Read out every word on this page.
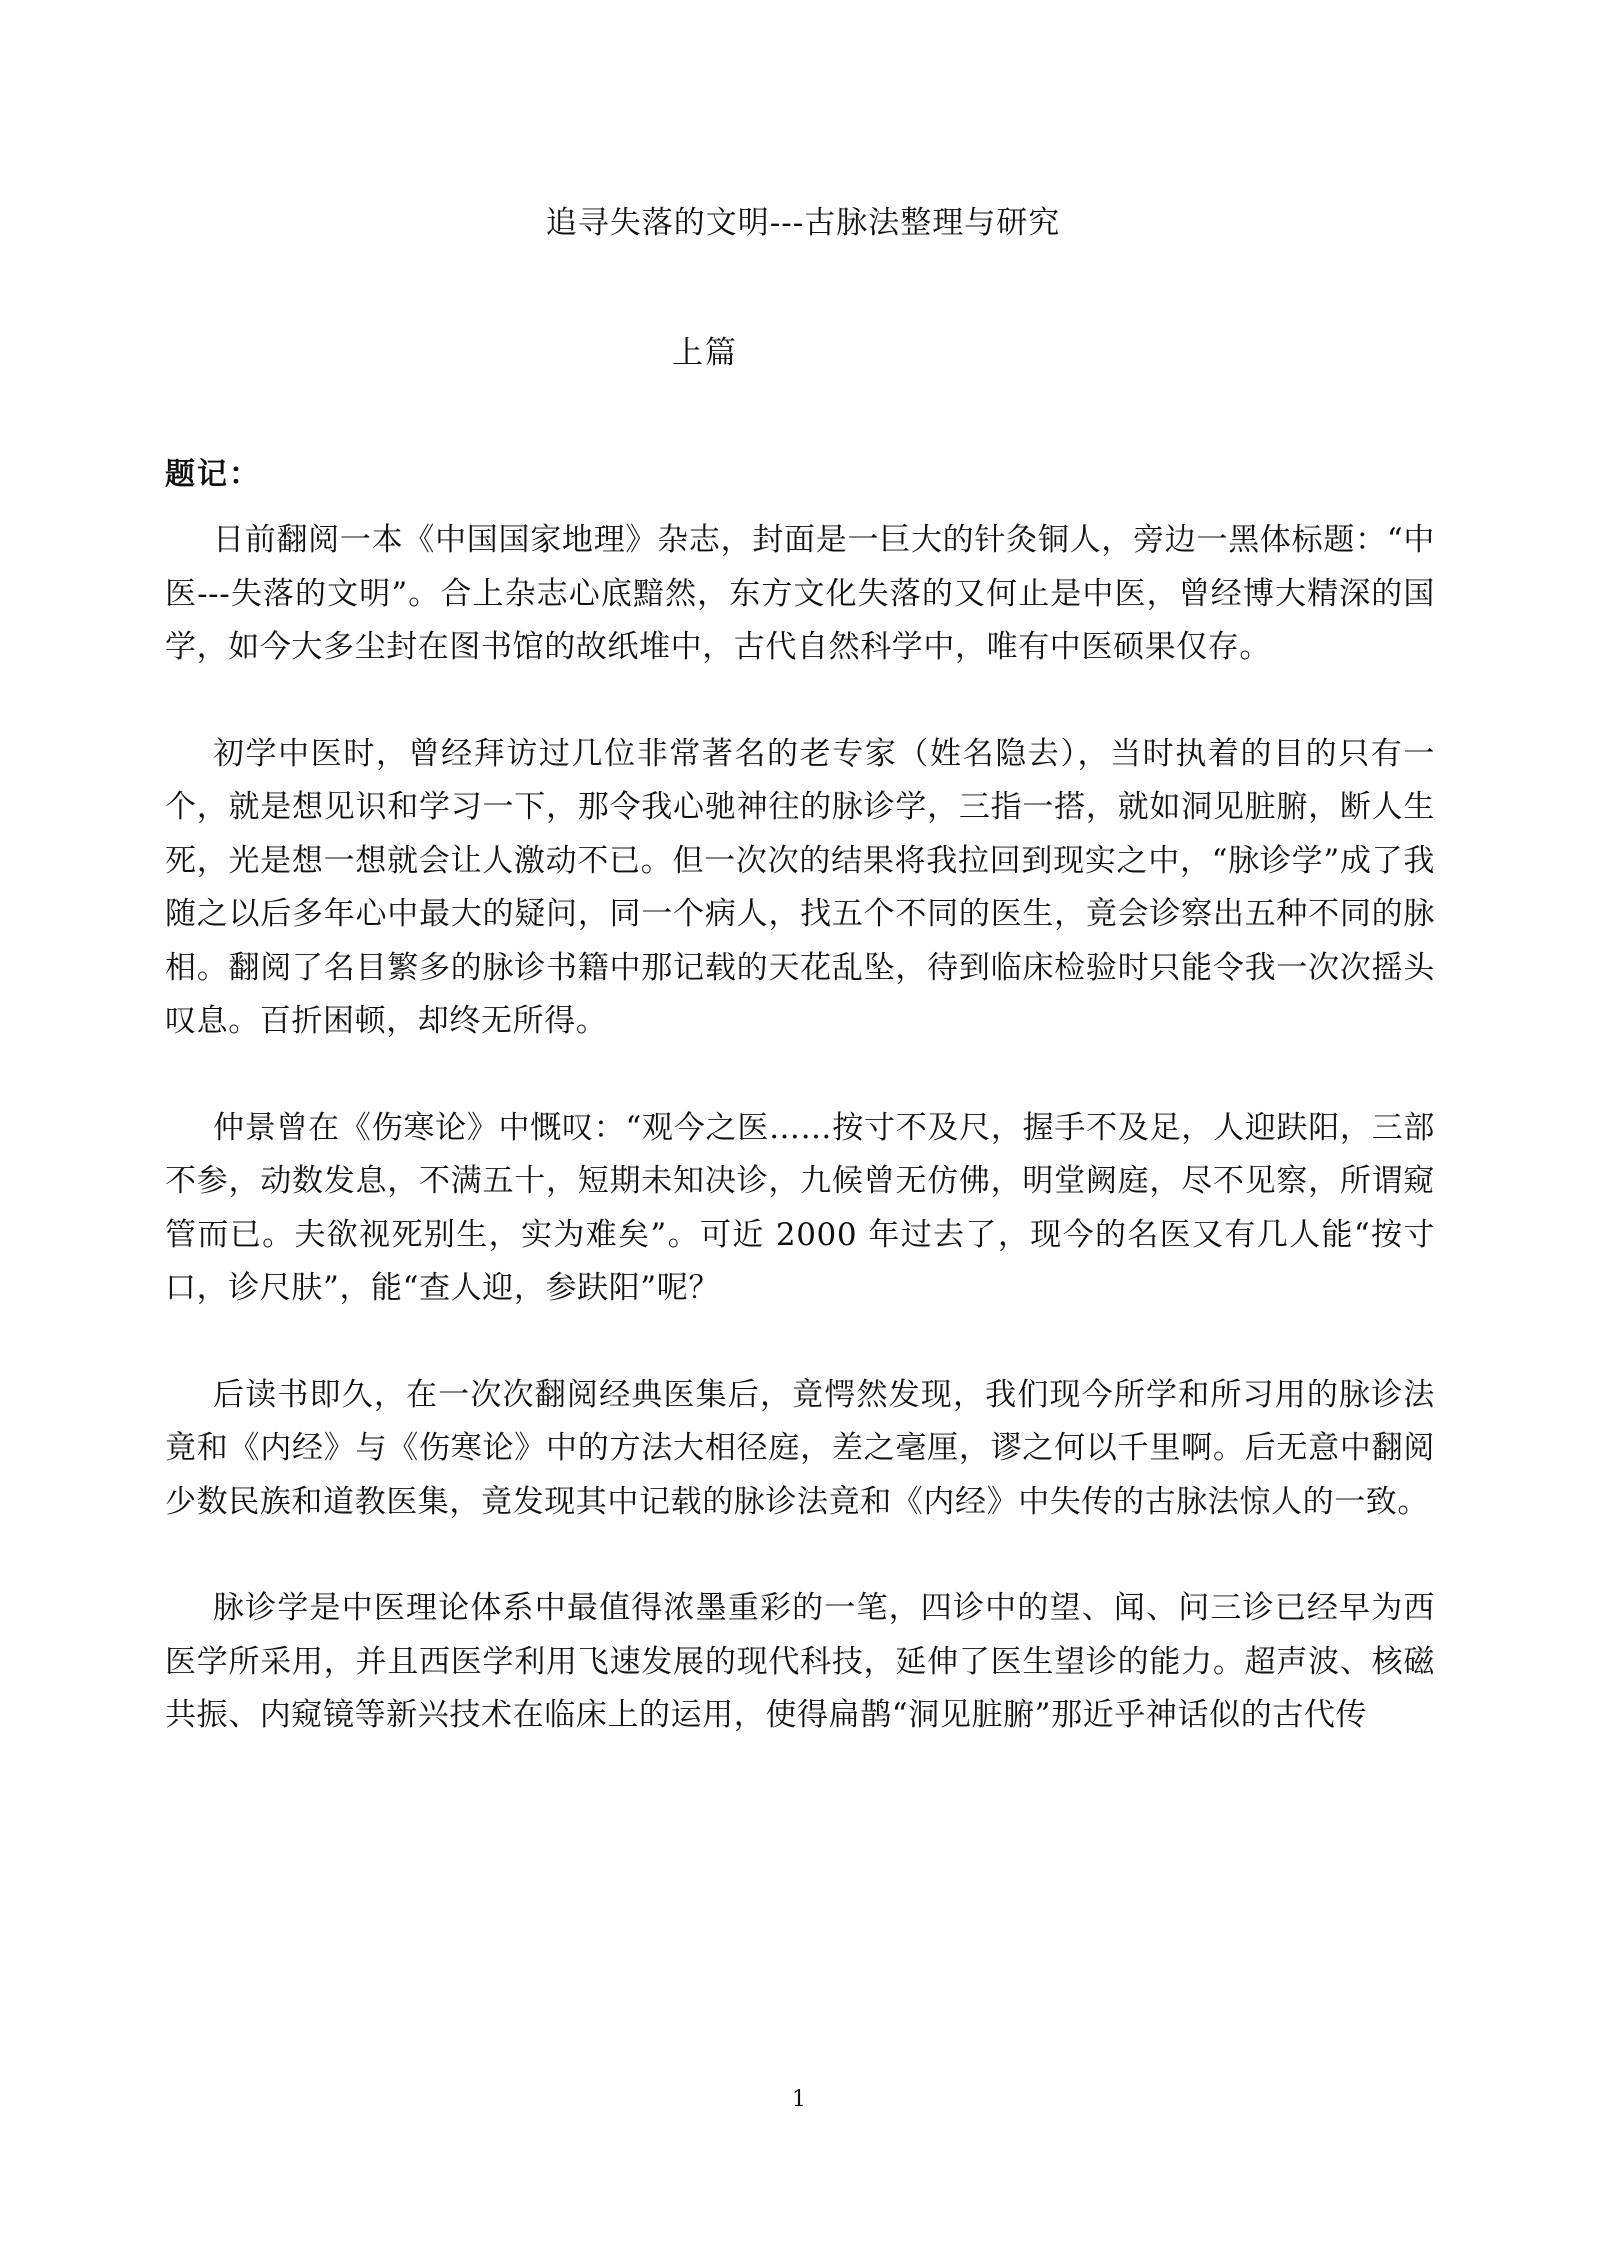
追寻失落的文明---古脉法整理与研究
上篇
题记：

日前翻阅一本《中国国家地理》杂志，封面是一巨大的针灸铜人，旁边一黑体标题：“中医---失落的文明”。合上杂志心底黯然，东方文化失落的又何止是中医，曾经博大精深的国学，如今大多尘封在图书馆的故纸堆中，古代自然科学中，唯有中医硕果仅存。

初学中医时，曾经拜访过几位非常著名的老专家（姓名隐去），当时执着的目的只有一个，就是想见识和学习一下，那令我心驰神往的脉诊学，三指一搭，就如洞见脏腑，断人生死，光是想一想就会让人激动不已。但一次次的结果将我拉回到现实之中，“脉诊学”成了我随之以后多年心中最大的疑问，同一个病人，找五个不同的医生，竟会诊察出五种不同的脉相。翻阅了名目繁多的脉诊书籍中那记载的天花乱坠，待到临床检验时只能令我一次次摇头叹息。百折困顿，却终无所得。

仲景曾在《伤寒论》中慨叹：“观今之医……按寸不及尺，握手不及足，人迎趺阳，三部不参，动数发息，不满五十，短期未知决诊，九候曾无仿佛，明堂阙庭，尽不见察，所谓窥管而已。夫欲视死别生，实为难矣”。可近 2000 年过去了，现今的名医又有几人能“按寸口，诊尺肤”，能“查人迎，参趺阳”呢？

后读书即久，在一次次翻阅经典医集后，竟愕然发现，我们现今所学和所习用的脉诊法竟和《内经》与《伤寒论》中的方法大相径庭，差之毫厘，谬之何以千里啊。后无意中翻阅少数民族和道教医集，竟发现其中记载的脉诊法竟和《内经》中失传的古脉法惊人的一致。

脉诊学是中医理论体系中最值得浓墨重彩的一笔，四诊中的望、闻、问三诊已经早为西医学所采用，并且西医学利用飞速发展的现代科技，延伸了医生望诊的能力。超声波、核磁共振、内窥镜等新兴技术在临床上的运用，使得扁鹊“洞见脏腑”那近乎神话似的古代传

1
